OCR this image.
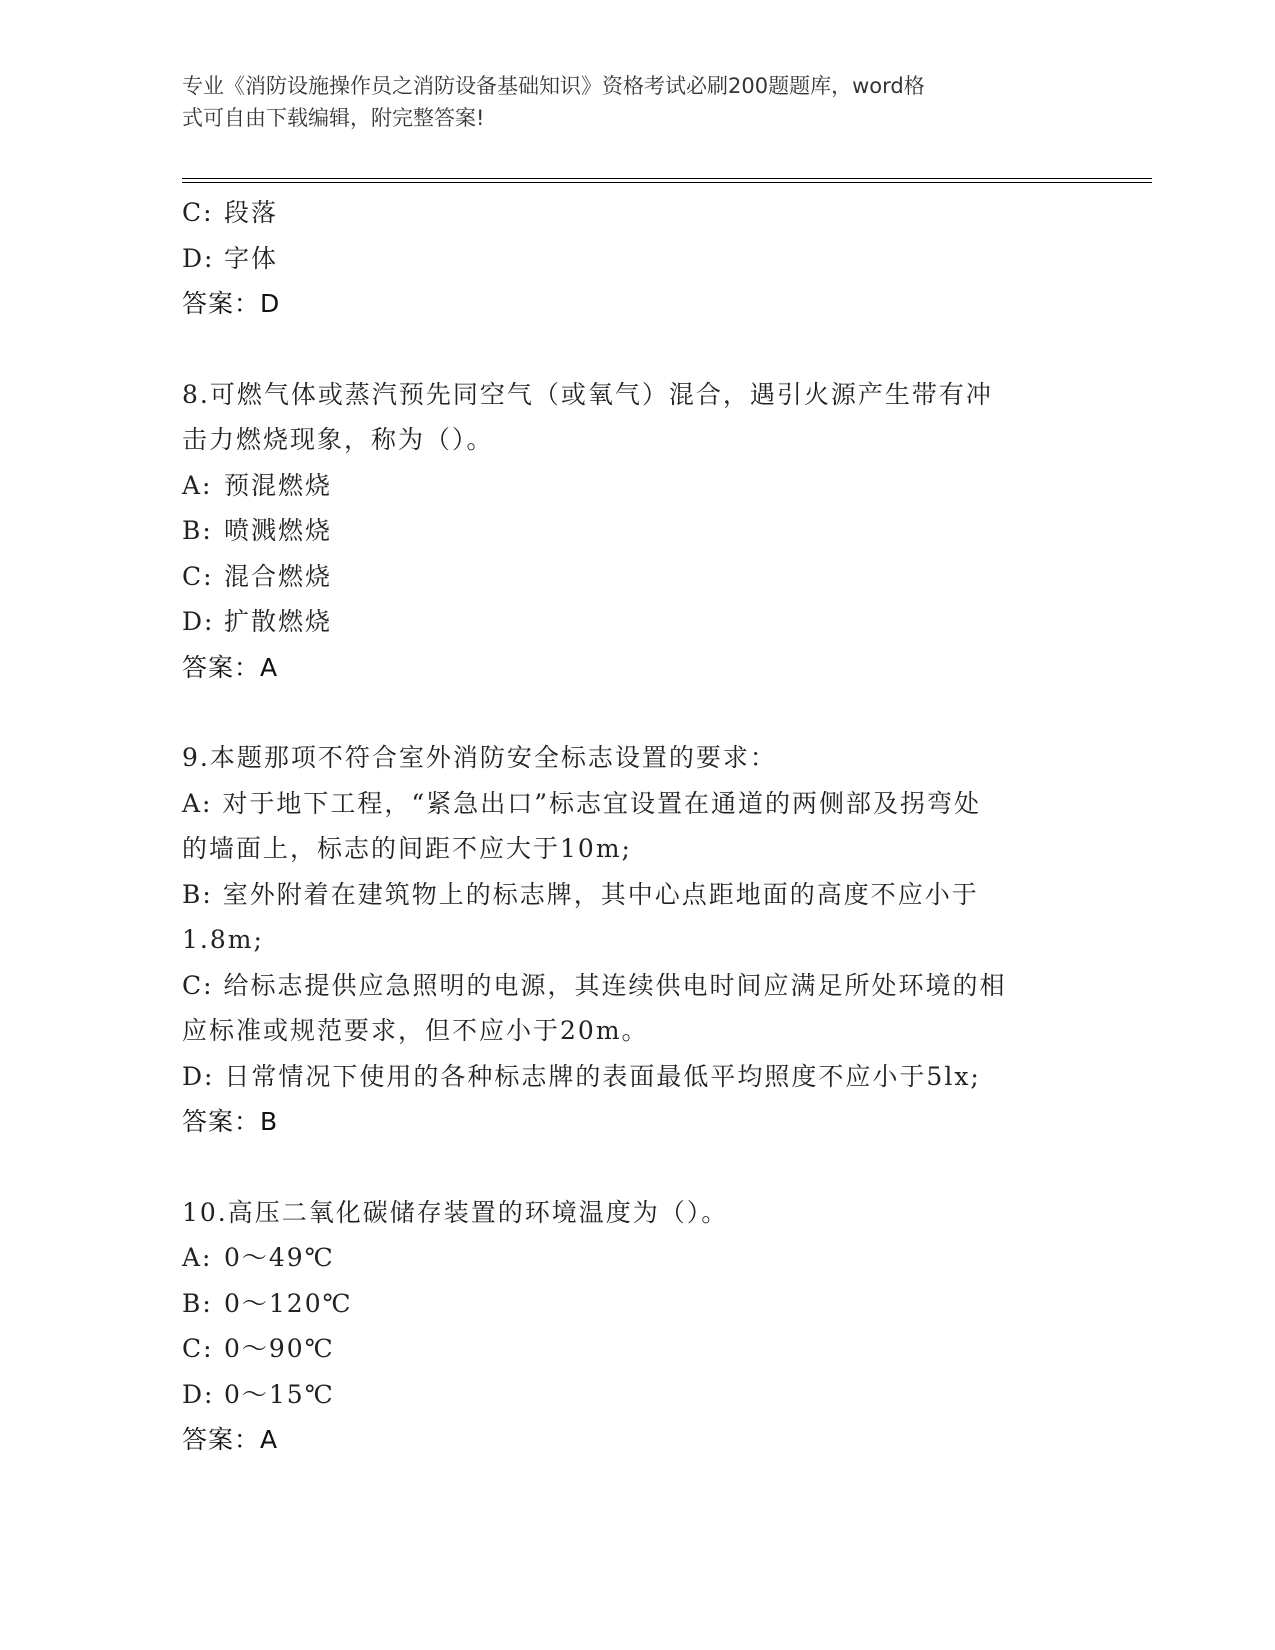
专业《消防设施操作员之消防设备基础知识》资格考试必刷200题题库，word格
式可自由下载编辑，附完整答案!
C: 段落
D: 字体
答案：D
8.可燃气体或蒸汽预先同空气（或氧气）混合，遇引火源产生带有冲
击力燃烧现象，称为（）。
A: 预混燃烧
B: 喷溅燃烧
C: 混合燃烧
D: 扩散燃烧
答案：A
9.本题那项不符合室外消防安全标志设置的要求：
A: 对于地下工程，“紧急出口”标志宜设置在通道的两侧部及拐弯处
的墙面上，标志的间距不应大于10m;
B: 室外附着在建筑物上的标志牌，其中心点距地面的高度不应小于
1.8m;
C: 给标志提供应急照明的电源，其连续供电时间应满足所处环境的相
应标准或规范要求，但不应小于20m。
D: 日常情况下使用的各种标志牌的表面最低平均照度不应小于5lx;
答案：B
10.高压二氧化碳储存装置的环境温度为（）。
A: 0～49℃
B: 0～120℃
C: 0～90℃
D: 0～15℃
答案：A
